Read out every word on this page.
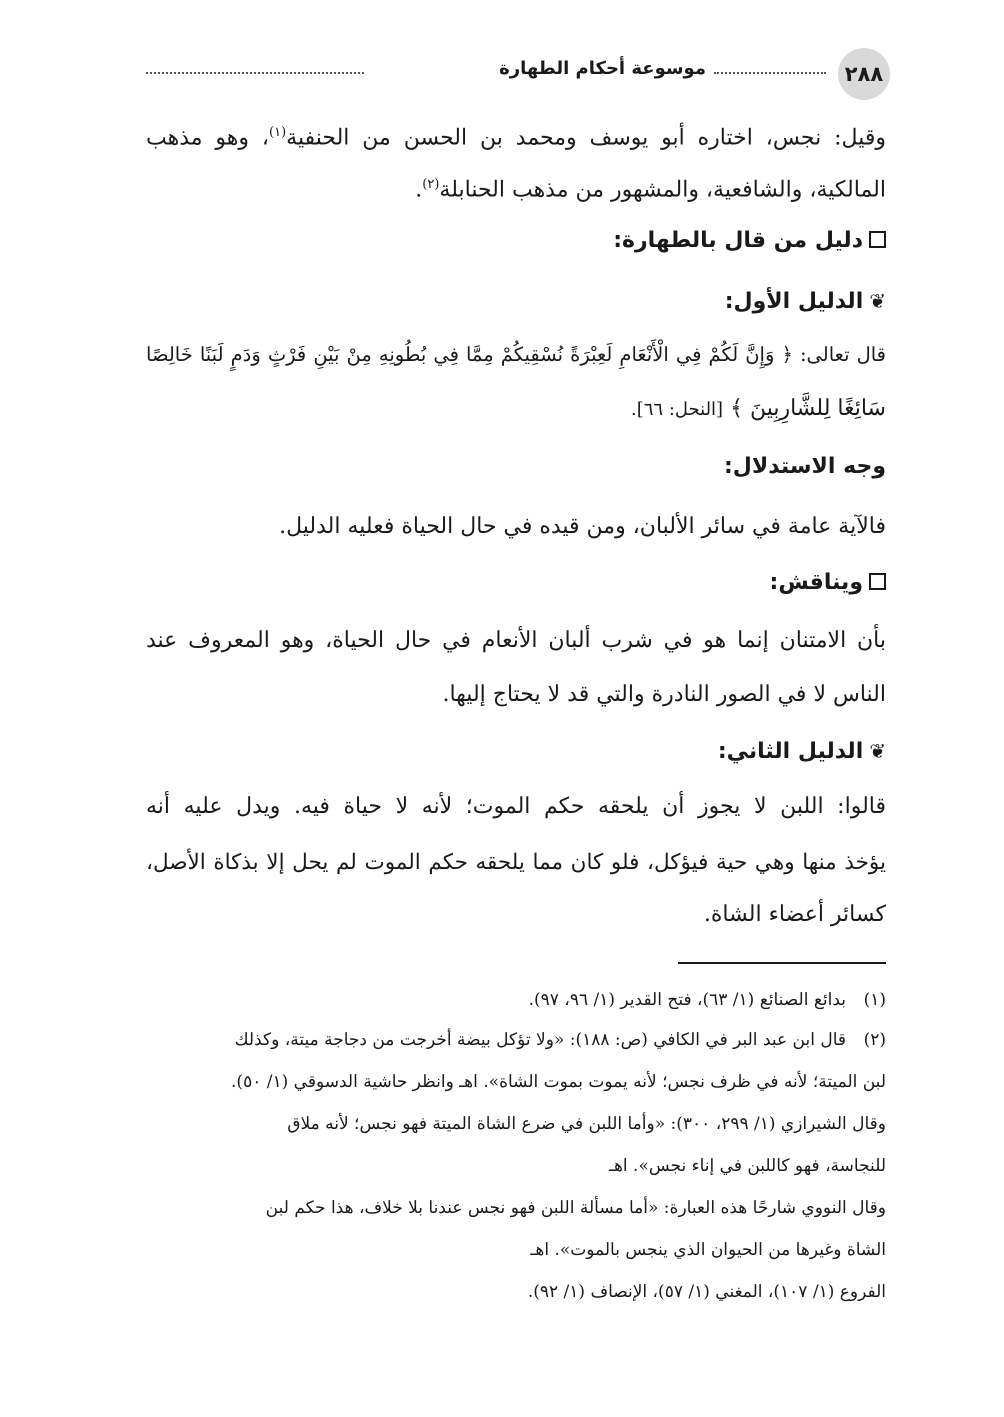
٢٨٨
موسوعة أحكام الطهارة
وقيل: نجس، اختاره أبو يوسف ومحمد بن الحسن من الحنفية$^{(١)}$، وهو مذهب
المالكية، والشافعية، والمشهور من مذهب الحنابلة$^{(٢)}$.
دليل من قال بالطهارة:
❦الدليل الأول:
قال تعالى: ﴿ وَإِنَّ لَكُمْ فِي الْأَنْعَامِ لَعِبْرَةً نُسْقِيكُمْ مِمَّا فِي بُطُونِهِ مِنْ بَيْنِ فَرْثٍ وَدَمٍ لَبَنًا خَالِصًا
سَائِغًا لِلشَّارِبِينَ ﴾ [النحل: ٦٦].
وجه الاستدلال:
فالآية عامة في سائر الألبان، ومن قيده في حال الحياة فعليه الدليل.
ويناقش:
بأن الامتنان إنما هو في شرب ألبان الأنعام في حال الحياة، وهو المعروف عند
الناس لا في الصور النادرة والتي قد لا يحتاج إليها.
❦الدليل الثاني:
قالوا: اللبن لا يجوز أن يلحقه حكم الموت؛ لأنه لا حياة فيه. ويدل عليه أنه
يؤخذ منها وهي حية فيؤكل، فلو كان مما يلحقه حكم الموت لم يحل إلا بذكاة الأصل،
كسائر أعضاء الشاة.
(١)
بدائع الصنائع (١/ ٦٣)، فتح القدير (١/ ٩٦، ٩٧).
(٢)
قال ابن عبد البر في الكافي (ص: ١٨٨): «ولا تؤكل بيضة أخرجت من دجاجة ميتة، وكذلك
لبن الميتة؛ لأنه في ظرف نجس؛ لأنه يموت بموت الشاة». اهـ وانظر حاشية الدسوقي (١/ ٥٠).
وقال الشيرازي (١/ ٢٩٩، ٣٠٠): «وأما اللبن في ضرع الشاة الميتة فهو نجس؛ لأنه ملاق
للنجاسة، فهو كاللبن في إناء نجس». اهـ
وقال النووي شارحًا هذه العبارة: «أما مسألة اللبن فهو نجس عندنا بلا خلاف، هذا حكم لبن
الشاة وغيرها من الحيوان الذي ينجس بالموت». اهـ
الفروع (١/ ١٠٧)، المغني (١/ ٥٧)، الإنصاف (١/ ٩٢).
